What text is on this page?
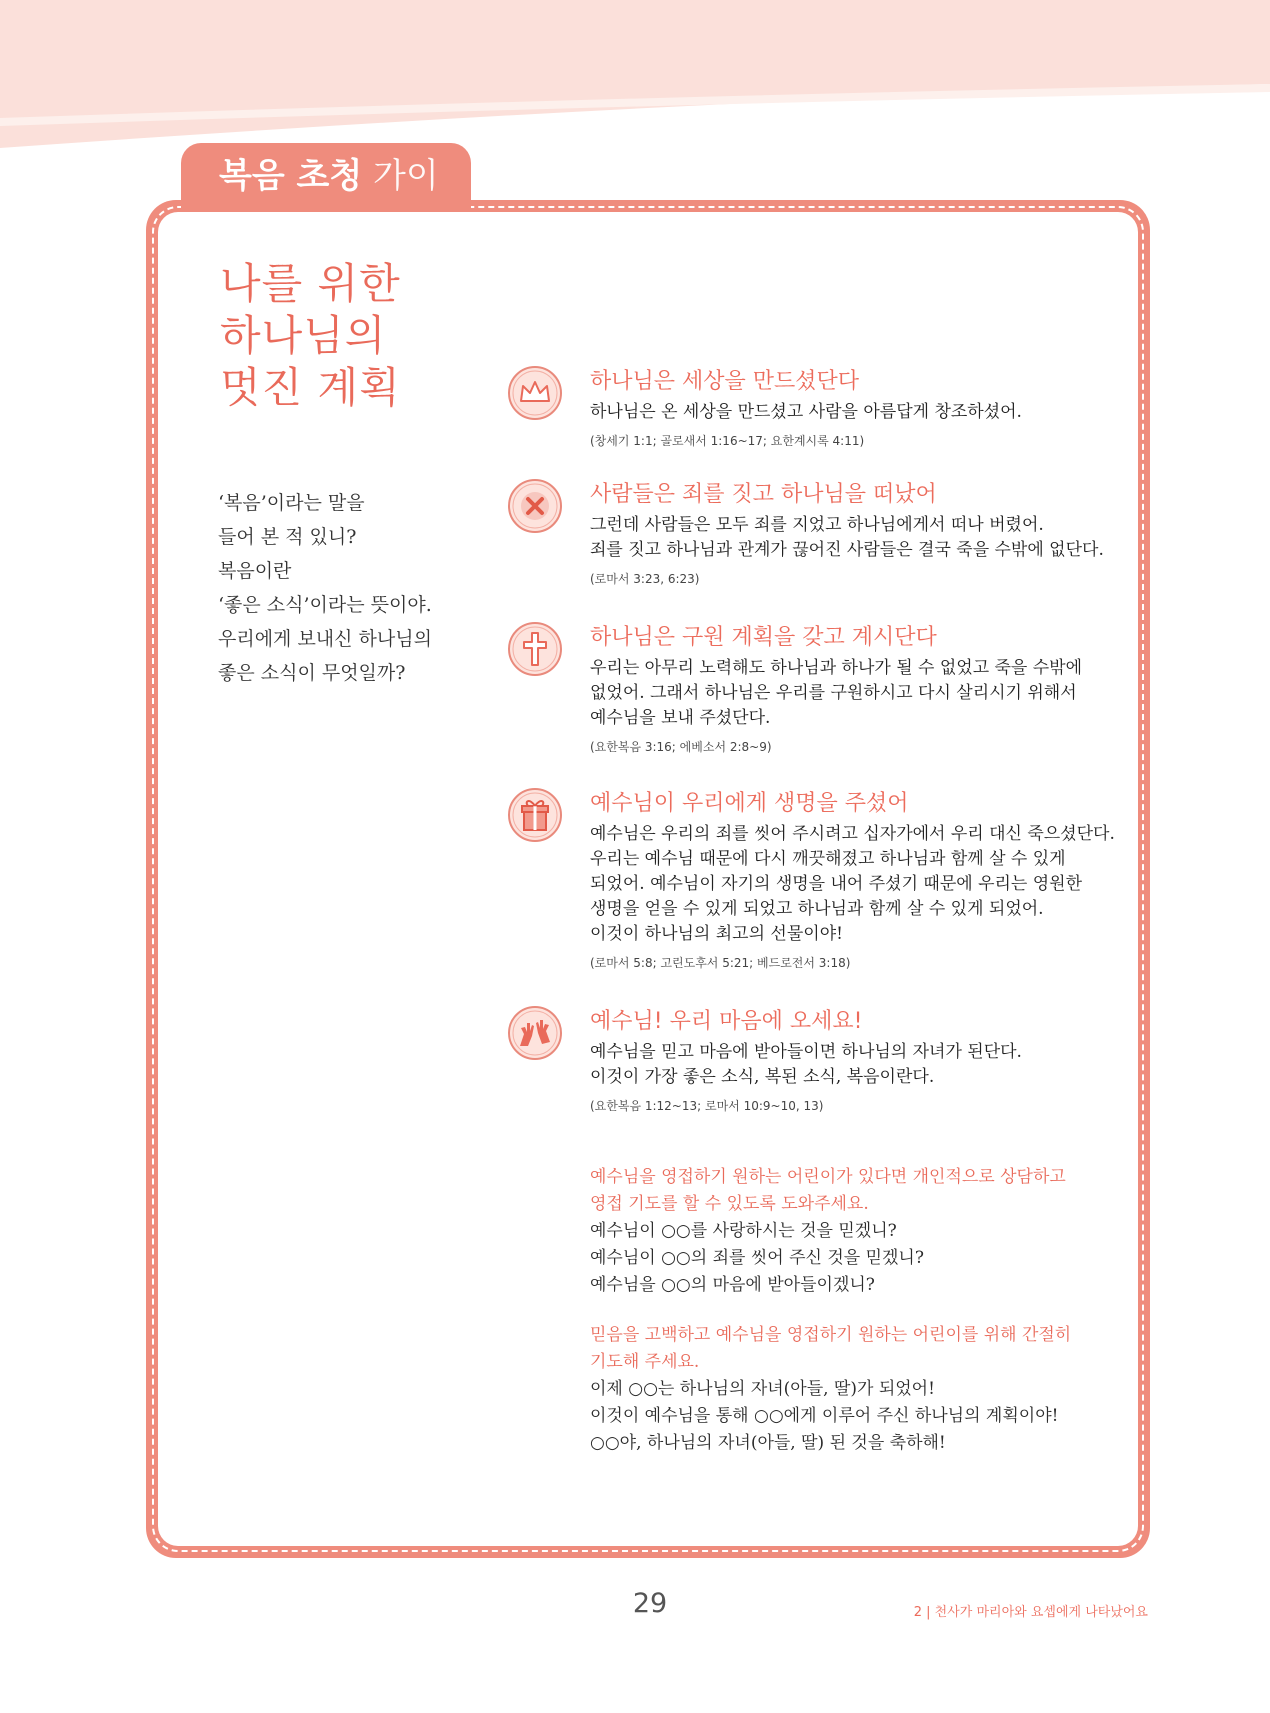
복음 초청 가이드
나를 위한
하나님의
멋진 계획
‘복음’이라는 말을
들어 본 적 있니?
복음이란
‘좋은 소식’이라는 뜻이야.
우리에게 보내신 하나님의
좋은 소식이 무엇일까?
하나님은 세상을 만드셨단다
하나님은 온 세상을 만드셨고 사람을 아름답게 창조하셨어.
(창세기 1:1; 골로새서 1:16~17; 요한계시록 4:11)
사람들은 죄를 짓고 하나님을 떠났어
그런데 사람들은 모두 죄를 지었고 하나님에게서 떠나 버렸어.
죄를 짓고 하나님과 관계가 끊어진 사람들은 결국 죽을 수밖에 없단다.
(로마서 3:23, 6:23)
하나님은 구원 계획을 갖고 계시단다
우리는 아무리 노력해도 하나님과 하나가 될 수 없었고 죽을 수밖에
없었어. 그래서 하나님은 우리를 구원하시고 다시 살리시기 위해서
예수님을 보내 주셨단다.
(요한복음 3:16; 에베소서 2:8~9)
예수님이 우리에게 생명을 주셨어
예수님은 우리의 죄를 씻어 주시려고 십자가에서 우리 대신 죽으셨단다.
우리는 예수님 때문에 다시 깨끗해졌고 하나님과 함께 살 수 있게
되었어. 예수님이 자기의 생명을 내어 주셨기 때문에 우리는 영원한
생명을 얻을 수 있게 되었고 하나님과 함께 살 수 있게 되었어.
이것이 하나님의 최고의 선물이야!
(로마서 5:8; 고린도후서 5:21; 베드로전서 3:18)
예수님! 우리 마음에 오세요!
예수님을 믿고 마음에 받아들이면 하나님의 자녀가 된단다.
이것이 가장 좋은 소식, 복된 소식, 복음이란다.
(요한복음 1:12~13; 로마서 10:9~10, 13)
예수님을 영접하기 원하는 어린이가 있다면 개인적으로 상담하고
영접 기도를 할 수 있도록 도와주세요.
예수님이 ○○를 사랑하시는 것을 믿겠니?
예수님이 ○○의 죄를 씻어 주신 것을 믿겠니?
예수님을 ○○의 마음에 받아들이겠니?
믿음을 고백하고 예수님을 영접하기 원하는 어린이를 위해 간절히
기도해 주세요.
이제 ○○는 하나님의 자녀(아들, 딸)가 되었어!
이것이 예수님을 통해 ○○에게 이루어 주신 하나님의 계획이야!
○○야, 하나님의 자녀(아들, 딸) 된 것을 축하해!
29	2 | 천사가 마리아와 요셉에게 나타났어요
